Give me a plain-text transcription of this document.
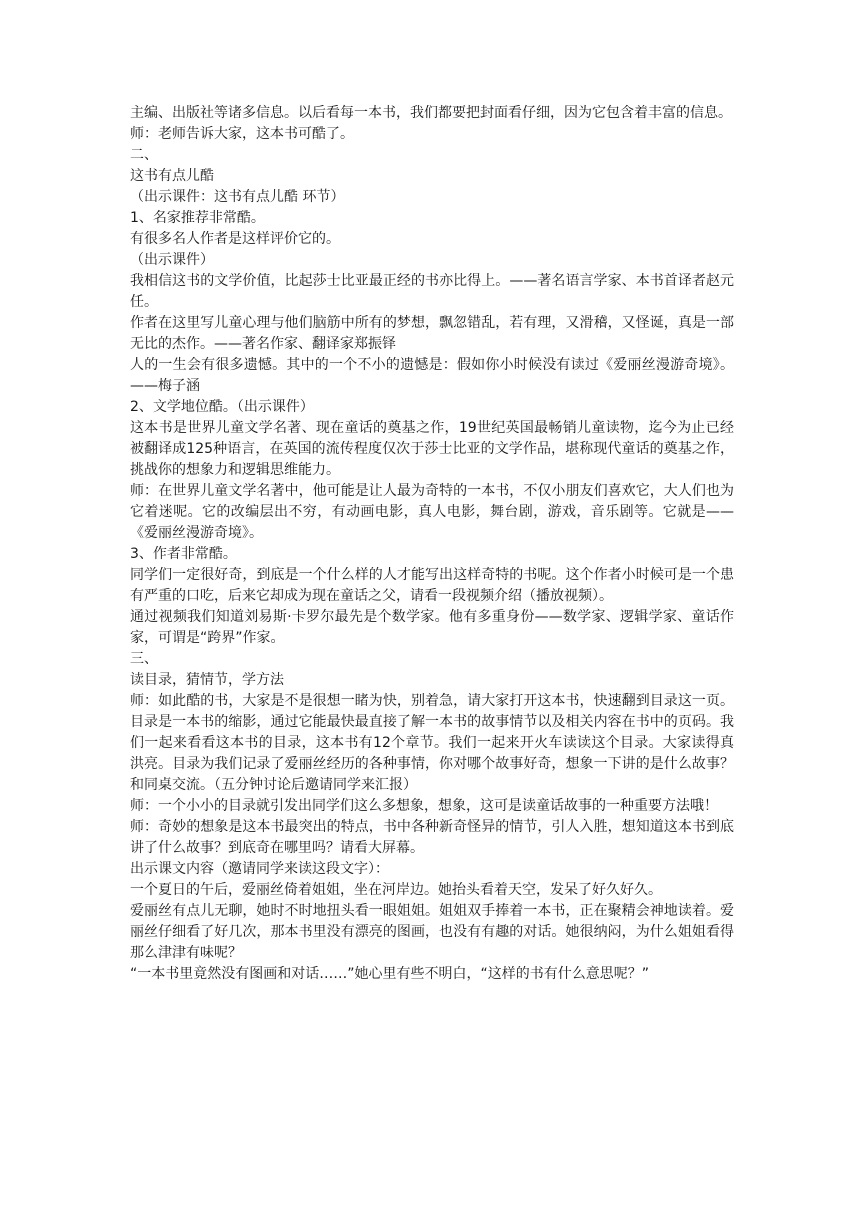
主编、出版社等诸多信息。以后看每一本书，我们都要把封面看仔细，因为它包含着丰富的信息。

师：老师告诉大家，这本书可酷了。

二、

这书有点儿酷

（出示课件：这书有点儿酷 环节）

1、名家推荐非常酷。

有很多名人作者是这样评价它的。

（出示课件）

我相信这书的文学价值，比起莎士比亚最正经的书亦比得上。——著名语言学家、本书首译者赵元任。

作者在这里写儿童心理与他们脑筋中所有的梦想，飘忽错乱，若有理，又滑稽，又怪诞，真是一部无比的杰作。——著名作家、翻译家郑振铎

人的一生会有很多遗憾。其中的一个不小的遗憾是：假如你小时候没有读过《爱丽丝漫游奇境》。——梅子涵

2、文学地位酷。（出示课件）

这本书是世界儿童文学名著、现在童话的奠基之作，19世纪英国最畅销儿童读物，迄今为止已经被翻译成125种语言，在英国的流传程度仅次于莎士比亚的文学作品，堪称现代童话的奠基之作，挑战你的想象力和逻辑思维能力。

师：在世界儿童文学名著中，他可能是让人最为奇特的一本书，不仅小朋友们喜欢它，大人们也为它着迷呢。它的改编层出不穷，有动画电影，真人电影，舞台剧，游戏，音乐剧等。它就是——《爱丽丝漫游奇境》。

3、作者非常酷。

同学们一定很好奇，到底是一个什么样的人才能写出这样奇特的书呢。这个作者小时候可是一个患有严重的口吃，后来它却成为现在童话之父，请看一段视频介绍（播放视频）。

通过视频我们知道刘易斯·卡罗尔最先是个数学家。他有多重身份——数学家、逻辑学家、童话作家，可谓是“跨界”作家。

三、

读目录，猜情节，学方法

师：如此酷的书，大家是不是很想一睹为快，别着急，请大家打开这本书，快速翻到目录这一页。目录是一本书的缩影，通过它能最快最直接了解一本书的故事情节以及相关内容在书中的页码。我们一起来看看这本书的目录，这本书有12个章节。我们一起来开火车读读这个目录。大家读得真洪亮。目录为我们记录了爱丽丝经历的各种事情，你对哪个故事好奇，想象一下讲的是什么故事？和同桌交流。（五分钟讨论后邀请同学来汇报）

师：一个小小的目录就引发出同学们这么多想象，想象，这可是读童话故事的一种重要方法哦！

师：奇妙的想象是这本书最突出的特点，书中各种新奇怪异的情节，引人入胜，想知道这本书到底讲了什么故事？到底奇在哪里吗？请看大屏幕。

出示课文内容（邀请同学来读这段文字）：

一个夏日的午后，爱丽丝倚着姐姐，坐在河岸边。她抬头看着天空，发呆了好久好久。

爱丽丝有点儿无聊，她时不时地扭头看一眼姐姐。姐姐双手捧着一本书，正在聚精会神地读着。爱丽丝仔细看了好几次，那本书里没有漂亮的图画，也没有有趣的对话。她很纳闷，为什么姐姐看得那么津津有味呢？

“一本书里竟然没有图画和对话……”她心里有些不明白，“这样的书有什么意思呢？”
